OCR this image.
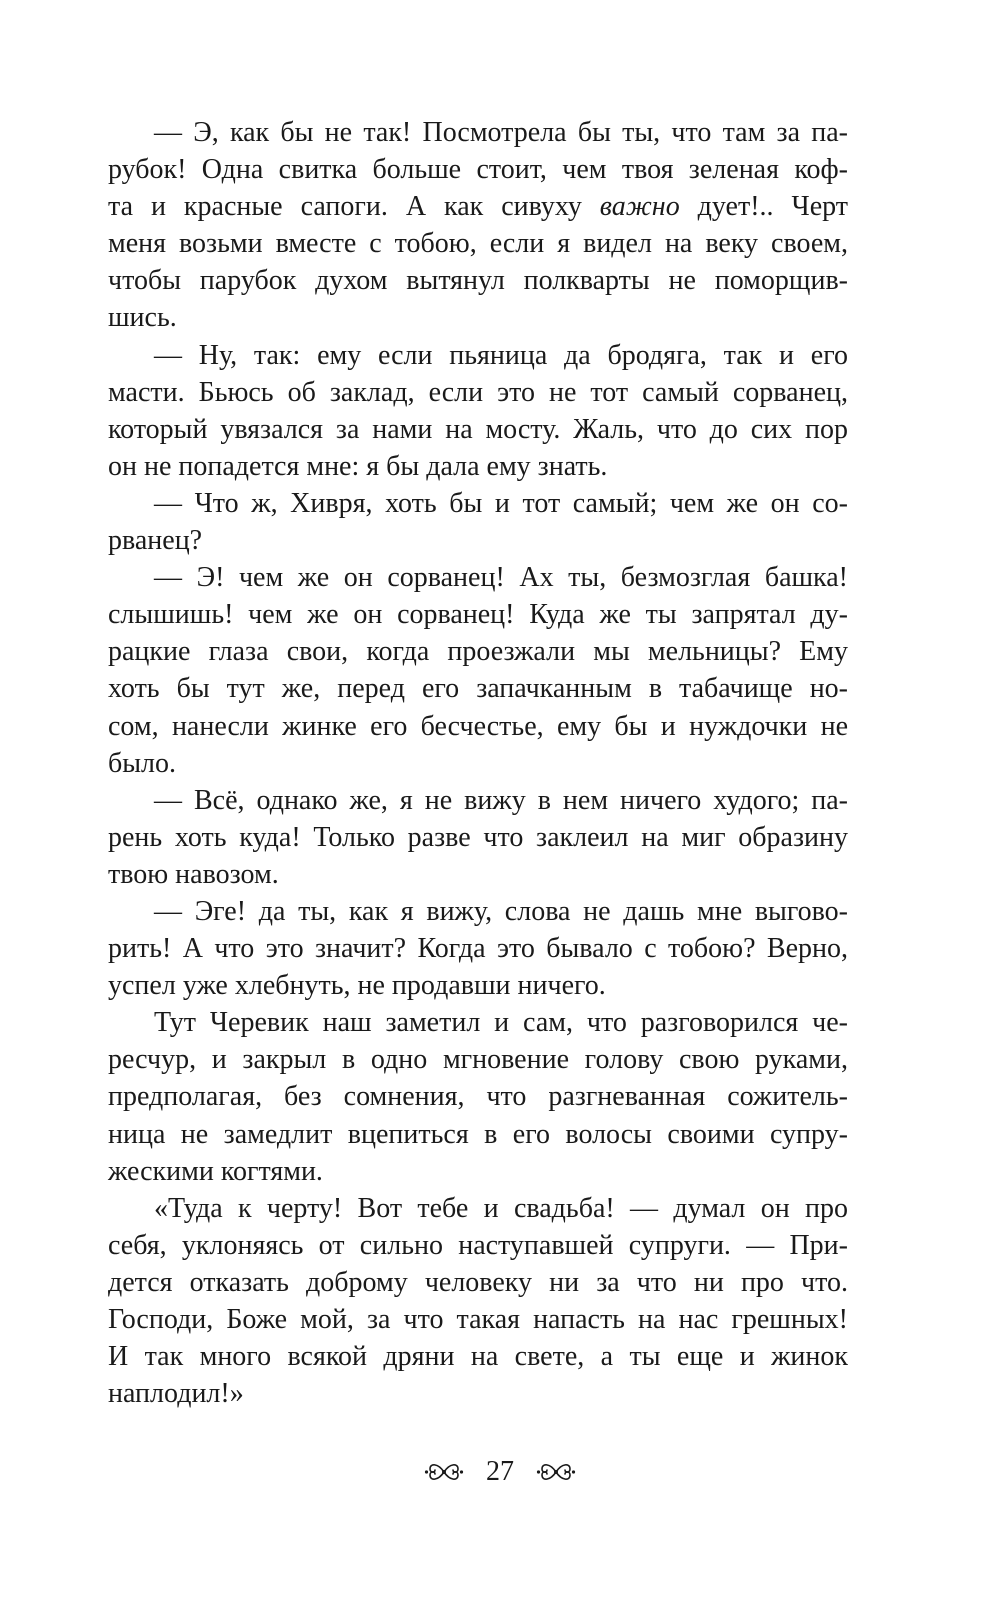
— Э, как бы не так! Посмотрела бы ты, что там за па-
рубок! Одна свитка больше стоит, чем твоя зеленая коф-
та и красные сапоги. А как сивуху важно дует!.. Черт
меня возьми вместе с тобою, если я видел на веку своем,
чтобы парубок духом вытянул полкварты не поморщив-
шись.
— Ну, так: ему если пьяница да бродяга, так и его
масти. Бьюсь об заклад, если это не тот самый сорванец,
который увязался за нами на мосту. Жаль, что до сих пор
он не попадется мне: я бы дала ему знать.
— Что ж, Хивря, хоть бы и тот самый; чем же он со-
рванец?
— Э! чем же он сорванец! Ах ты, безмозглая башка!
слышишь! чем же он сорванец! Куда же ты запрятал ду-
рацкие глаза свои, когда проезжали мы мельницы? Ему
хоть бы тут же, перед его запачканным в табачище но-
сом, нанесли жинке его бесчестье, ему бы и нуждочки не
было.
— Всё, однако же, я не вижу в нем ничего худого; па-
рень хоть куда! Только разве что заклеил на миг образину
твою навозом.
— Эге! да ты, как я вижу, слова не дашь мне выгово-
рить! А что это значит? Когда это бывало с тобою? Верно,
успел уже хлебнуть, не продавши ничего.
Тут Черевик наш заметил и сам, что разговорился че-
ресчур, и закрыл в одно мгновение голову свою руками,
предполагая, без сомнения, что разгневанная сожитель-
ница не замедлит вцепиться в его волосы своими супру-
жескими когтями.
«Туда к черту! Вот тебе и свадьба! — думал он про
себя, уклоняясь от сильно наступавшей супруги. — При-
дется отказать доброму человеку ни за что ни про что.
Господи, Боже мой, за что такая напасть на нас грешных!
И так много всякой дряни на свете, а ты еще и жинок
наплодил!»
27
